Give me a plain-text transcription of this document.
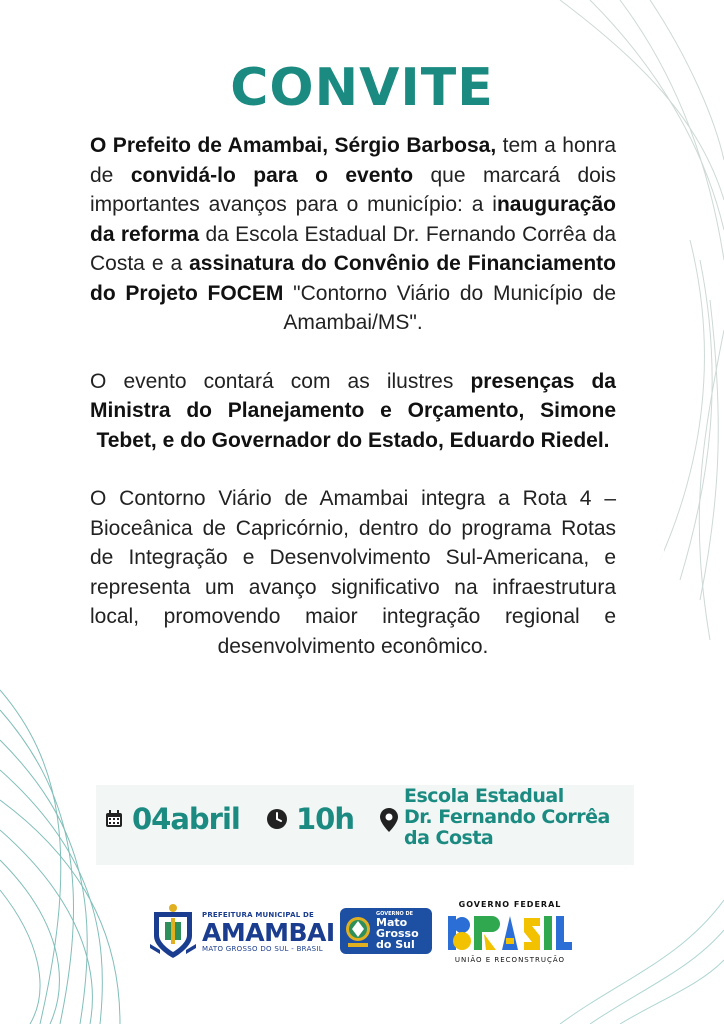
CONVITE

O Prefeito de Amambai, Sérgio Barbosa, tem a honra de convidá-lo para o evento que marcará dois importantes avanços para o município: a inauguração da reforma da Escola Estadual Dr. Fernando Corrêa da Costa e a assinatura do Convênio de Financiamento do Projeto FOCEM "Contorno Viário do Município de Amambai/MS".

O evento contará com as ilustres presenças da Ministra do Planejamento e Orçamento, Simone Tebet, e do Governador do Estado, Eduardo Riedel.

O Contorno Viário de Amambai integra a Rota 4 – Bioceânica de Capricórnio, dentro do programa Rotas de Integração e Desenvolvimento Sul-Americana, e representa um avanço significativo na infraestrutura local, promovendo maior integração regional e desenvolvimento econômico.

04abril 10h
Escola Estadual
Dr. Fernando Corrêa
da Costa
PREFEITURA MUNICIPAL DE
AMAMBAI
MATO GROSSO DO SUL - BRASIL
GOVERNO DE
Mato
Grosso
do Sul
GOVERNO FEDERAL
UNIÃO E RECONSTRUÇÃO
